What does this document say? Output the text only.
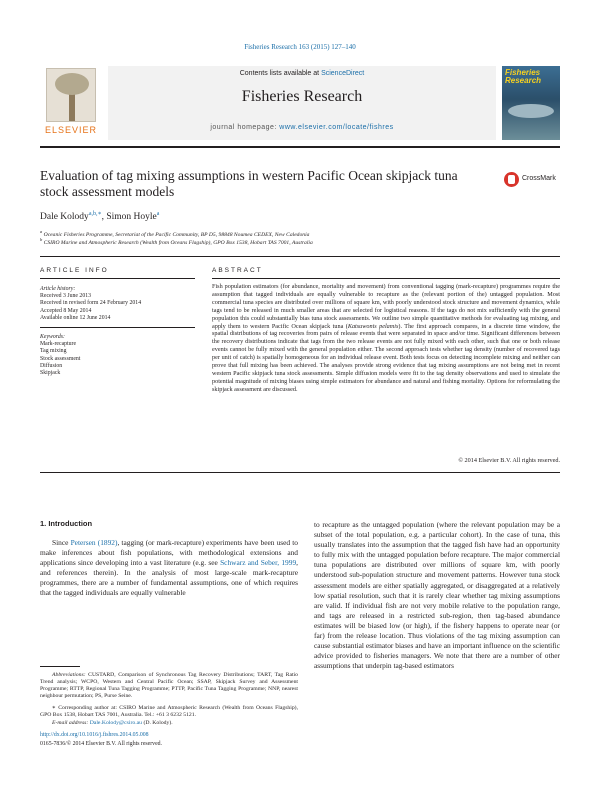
Fisheries Research 163 (2015) 127–140
ELSEVIER
Contents lists available at ScienceDirect
Fisheries Research
journal homepage: www.elsevier.com/locate/fishres
Fisheries
Research
Evaluation of tag mixing assumptions in western Pacific Ocean skipjack tuna stock assessment models
CrossMark
Dale Kolody$^{a,b,∗}$, Simon Hoyle$^a$
$^a$ Oceanic Fisheries Programme, Secretariat of the Pacific Community, BP D5, 98848 Noumea CEDEX, New Caledonia
$^b$ CSIRO Marine and Atmospheric Research (Wealth from Oceans Flagship), GPO Box 1538, Hobart TAS 7001, Australia
ARTICLE INFO	ABSTRACT
Article history:
Received 3 June 2013
Received in revised form 24 February 2014
Accepted 8 May 2014
Available online 12 June 2014
Keywords:
Mark-recapture
Tag mixing
Stock assessment
Diffusion
Skipjack
Fish population estimators (for abundance, mortality and movement) from conventional tagging (mark-recapture) programmes require the assumption that tagged individuals are equally vulnerable to recapture as the (relevant portion of the) untagged population. Most commercial tuna species are distributed over millions of square km, with poorly understood stock structure and movement dynamics, while tags tend to be released in much smaller areas that are selected for logistical reasons. If the tags do not mix sufficiently with the general population this could substantially bias tuna stock assessments. We outline two simple quantitative methods for evaluating tag mixing, and apply them to western Pacific Ocean skipjack tuna (Katsuwonis pelamis). The first approach compares, in a discrete time window, the spatial distributions of tag recoveries from pairs of release events that were separated in space and/or time. Significant differences between the recovery distributions indicate that tags from the two release events are not fully mixed with each other, such that one or both release events cannot be fully mixed with the general population either. The second approach tests whether tag density (number of recovered tags per unit of catch) is spatially homogeneous for an individual release event. Both tests focus on detecting incomplete mixing and neither can prove that full mixing has been achieved. The analyses provide strong evidence that tag mixing assumptions are not being met in recent western Pacific skipjack tuna stock assessments. Simple diffusion models were fit to the tag density observations and used to simulate the potential magnitude of mixing biases using simple estimators for abundance and natural and fishing mortality. Options for reformulating the skipjack assessment are discussed.
© 2014 Elsevier B.V. All rights reserved.
1. Introduction
Since Petersen (1892), tagging (or mark-recapture) experiments have been used to make inferences about fish populations, with methodological extensions and applications since developing into a vast literature (e.g. see Schwarz and Seber, 1999, and references therein). In the analysis of most large-scale mark-recapture programmes, there are a number of fundamental assumptions, one of which requires that the tagged individuals are equally vulnerable
to recapture as the untagged population (where the relevant population may be a subset of the total population, e.g. a particular cohort). In the case of tuna, this usually translates into the assumption that the tagged fish have had an opportunity to fully mix with the untagged population before recapture. The major commercial tuna populations are distributed over millions of square km, with poorly understood sub-population structure and movement patterns. However tuna stock assessment models are either spatially aggregated, or disaggregated at a relatively low spatial resolution, such that it is rarely clear whether tag mixing assumptions are valid. If individual fish are not very mobile relative to the population range, and tags are released in a restricted sub-region, then tag-based abundance estimates will be biased low (or high), if the fishery happens to operate near (or far) from the release location. Thus violations of the tag mixing assumption can cause substantial estimator biases and have an important influence on the scientific advice provided to fisheries managers. We note that there are a number of other assumptions that underpin tag-based estimators
Abbreviations: CUSTARD, Comparison of Synchronous Tag Recovery Distributions; TART, Tag Ratio Trend analysis; WCPO, Western and Central Pacific Ocean; SSAP, Skipjack Survey and Assessment Programme; RTTP, Regional Tuna Tagging Programme; PTTP, Pacific Tuna Tagging Programme; NNP, nearest neighbour permutation; PS, Purse Seine.
∗ Corresponding author at: CSIRO Marine and Atmospheric Research (Wealth from Oceans Flagship), GPO Box 1538, Hobart TAS 7001, Australia. Tel.: +61 3 6232 5121.
E-mail address: Dale.Kolody@csiro.au (D. Kolody).
http://dx.doi.org/10.1016/j.fishres.2014.05.008
0165-7836/© 2014 Elsevier B.V. All rights reserved.
